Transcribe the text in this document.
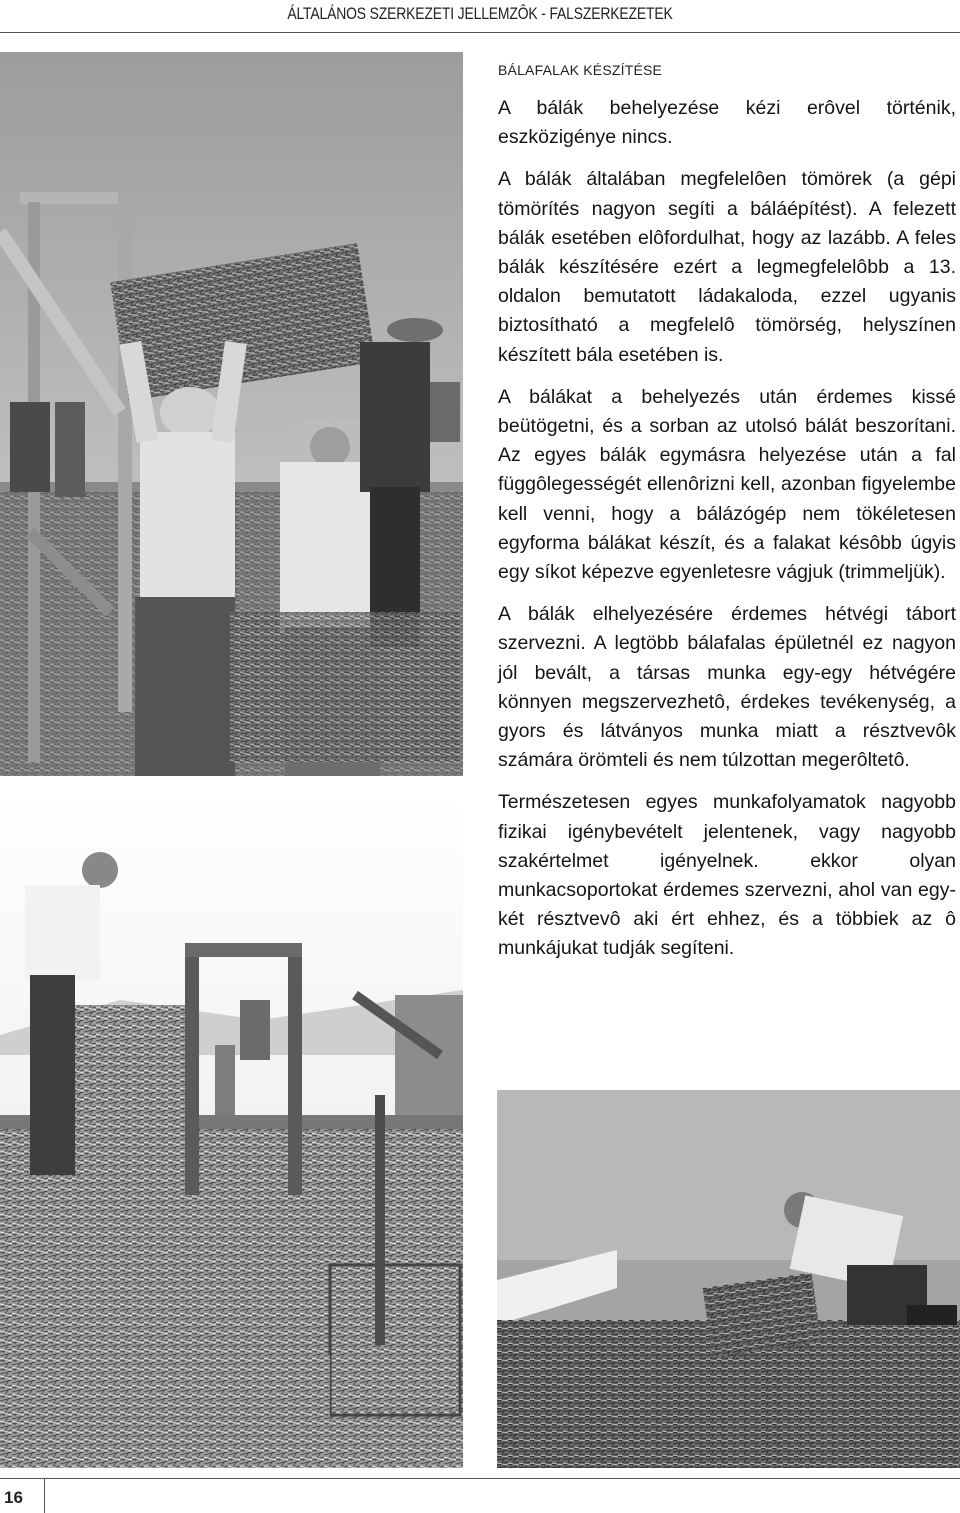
ÁLTALÁNOS SZERKEZETI JELLEMZÔK - FALSZERKEZETEK
BÁLAFALAK KÉSZÍTÉSE

A bálák behelyezése kézi erôvel történik, eszközigénye nincs.

A bálák általában megfelelôen tömörek (a gépi tömörítés nagyon segíti a báláépítést). A felezett bálák esetében elôfordulhat, hogy az lazább. A feles bálák készítésére ezért a legmegfelelôbb a 13. oldalon bemutatott ládakaloda, ezzel ugyanis biztosítható a megfelelô tömörség, helyszínen készített bála esetében is.

A bálákat a behelyezés után érdemes kissé beütögetni, és a sorban az utolsó bálát beszorítani. Az egyes bálák egymásra helyezése után a fal függôlegességét ellenôrizni kell, azonban figyelembe kell venni, hogy a bálázógép nem tökéletesen egyforma bálákat készít, és a falakat késôbb úgyis egy síkot képezve egyenletesre vágjuk (trimmeljük).

A bálák elhelyezésére érdemes hétvégi tábort szervezni. A legtöbb bálafalas épületnél ez nagyon jól bevált, a társas munka egy-egy hétvégére könnyen megszervezhetô, érdekes tevékenység, a gyors és látványos munka miatt a résztvevôk számára örömteli és nem túlzottan megerôltetô.

Természetesen egyes munkafolyamatok nagyobb fizikai igénybevételt jelentenek, vagy nagyobb szakértelmet igényelnek. ekkor olyan munkacsoportokat érdemes szervezni, ahol van egy-két résztvevô aki ért ehhez, és a többiek az ô munkájukat tudják segíteni.

16
